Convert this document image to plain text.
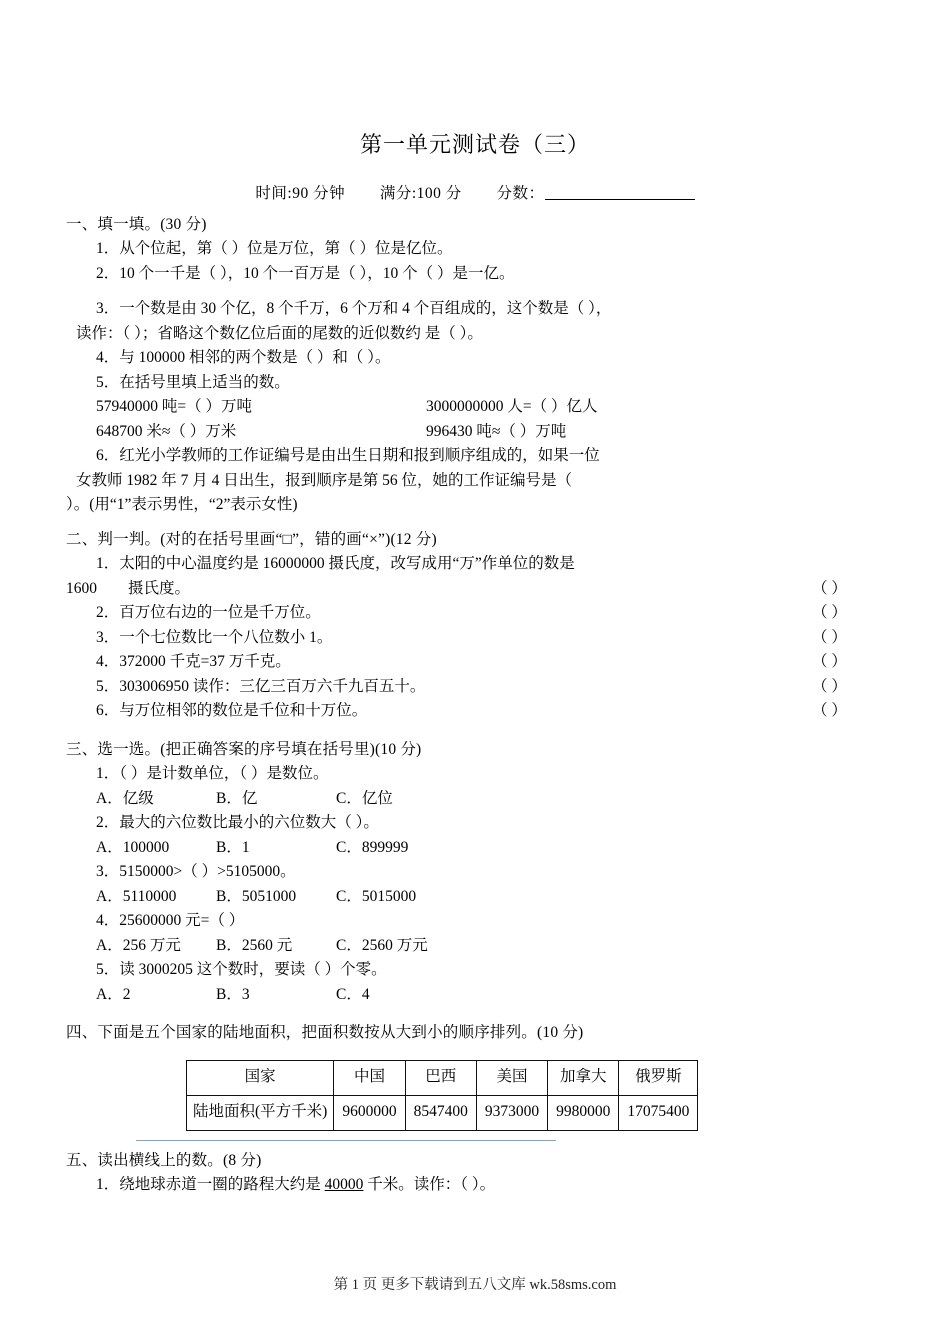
第一单元测试卷（三）
时间:90 分钟 满分:100 分 分数：
一、填一填。(30 分)
1．从个位起，第（ ）位是万位，第（ ）位是亿位。
2．10 个一千是（ ），10 个一百万是（ ），10 个（ ）是一亿。
3．一个数是由 30 个亿，8 个千万，6 个万和 4 个百组成的，这个数是（ ），
读作：（ ）；省略这个数亿位后面的尾数的近似数约 是（ ）。
4．与 100000 相邻的两个数是（ ）和（ ）。
5．在括号里填上适当的数。
57940000 吨=（ ）万吨	3000000000 人=（ ）亿人
648700 米≈（ ）万米	996430 吨≈（ ）万吨
6．红光小学教师的工作证编号是由出生日期和报到顺序组成的，如果一位
女教师 1982 年 7 月 4 日出生，报到顺序是第 56 位，她的工作证编号是（
）。(用“1”表示男性，“2”表示女性)
二、判一判。(对的在括号里画“□”，错的画“×”)(12 分)
1．太阳的中心温度约是 16000000 摄氏度，改写成用“万”作单位的数是
1600　　摄氏度。	（ ）
2．百万位右边的一位是千万位。	（ ）
3．一个七位数比一个八位数小 1。	（ ）
4．372000 千克=37 万千克。	（ ）
5．303006950 读作：三亿三百万六千九百五十。	（ ）
6．与万位相邻的数位是千位和十万位。	（ ）
三、选一选。(把正确答案的序号填在括号里)(10 分)
1．（ ）是计数单位，（ ）是数位。
A．亿级	B．亿	C．亿位
2．最大的六位数比最小的六位数大（ ）。
A．100000	B．1	C．899999
3．5150000>（ ）>5105000。
A．5110000	B．5051000	C．5015000
4．25600000 元=（ ）
A．256 万元 B．2560 元	C．2560 万元
5．读 3000205 这个数时，要读（ ）个零。
A．2	B．3	C．4
四、下面是五个国家的陆地面积，把面积数按从大到小的顺序排列。(10 分)
国家	中国	巴西	美国	加拿大	俄罗斯
陆地面积(平方千米)	9600000	8547400	9373000	9980000	17075400
五、读出横线上的数。(8 分)
1．绕地球赤道一圈的路程大约是 40000 千米。读作：（ ）。
第 1 页 更多下载请到五八文库 wk.58sms.com
